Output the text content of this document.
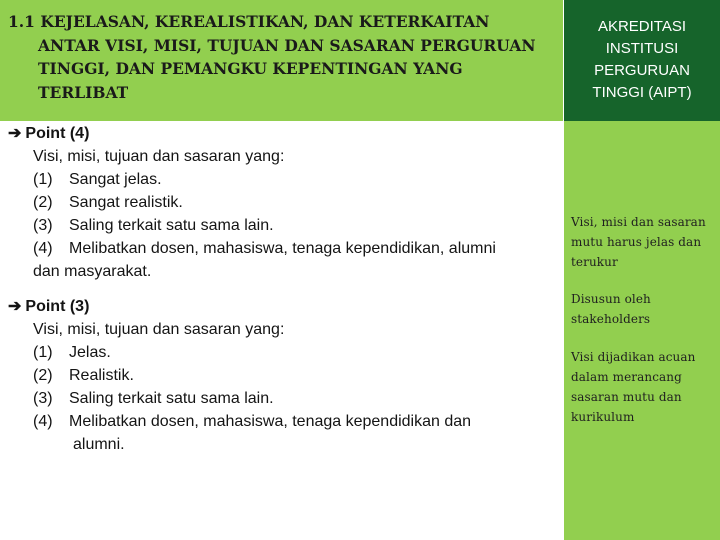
1.1 KEJELASAN, KEREALISTIKAN, DAN KETERKAITAN
ANTAR VISI, MISI, TUJUAN DAN SASARAN PERGURUAN
TINGGI, DAN PEMANGKU KEPENTINGAN YANG
TERLIBAT
AKREDITASI
INSTITUSI
PERGURUAN
TINGGI (AIPT)
➔ Point (4)
Visi, misi, tujuan dan sasaran yang:
(1) Sangat jelas.
(2) Sangat realistik.
(3) Saling terkait satu sama lain.
(4) Melibatkan dosen, mahasiswa, tenaga kependidikan, alumni
dan masyarakat.
➔ Point (3)
Visi, misi, tujuan dan sasaran yang:
(1) Jelas.
(2) Realistik.
(3) Saling terkait satu sama lain.
(4) Melibatkan dosen, mahasiswa, tenaga kependidikan dan
alumni.
Visi, misi dan sasaran
mutu harus jelas dan
terukur
Disusun oleh
stakeholders
Visi dijadikan acuan
dalam merancang
sasaran mutu dan
kurikulum
